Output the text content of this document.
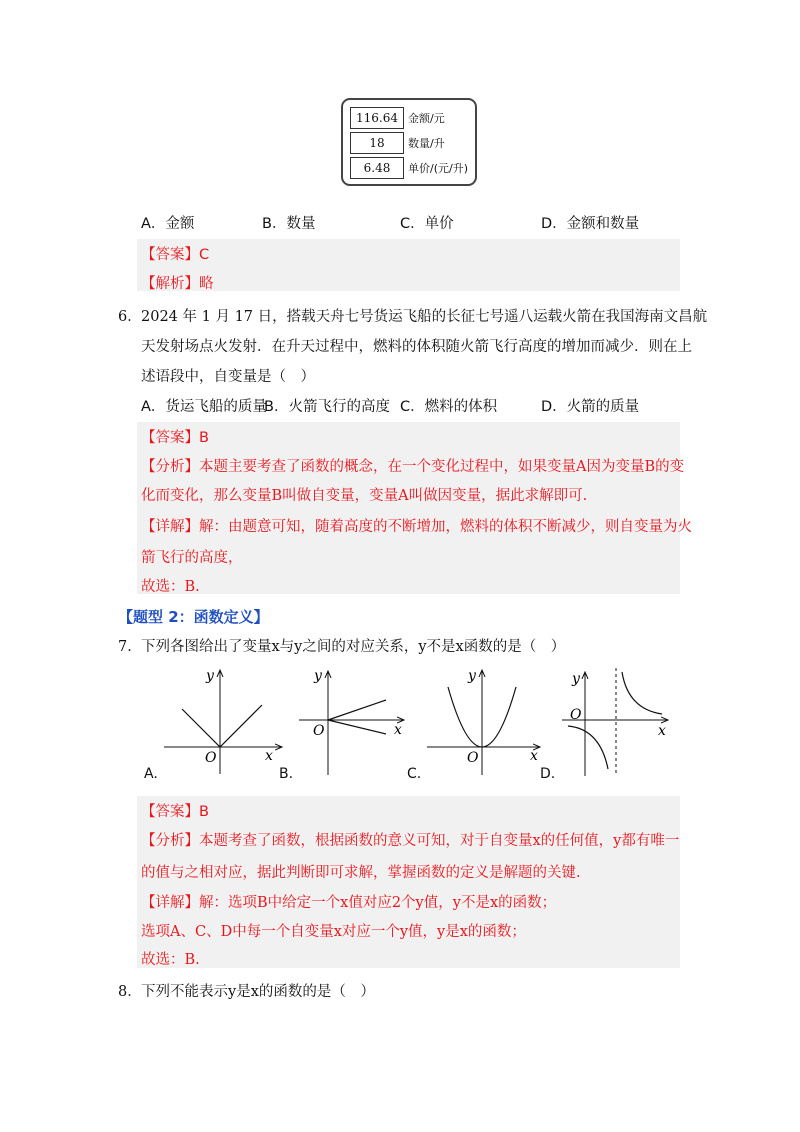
116.64 金额/元
18	数量/升
6.48	单价/(元/升)
A．金额	B．数量	C．单价	D．金额和数量
【答案】C
【解析】略
6． 2024 年 1 月 17 日，搭载天舟七号货运飞船的长征七号遥八运载火箭在我国海南文昌航
天发射场点火发射．在升天过程中，燃料的体积随火箭飞行高度的增加而减少．则在上
述语段中，自变量是（　）
A．货运飞船的质量
B．火箭飞行的高度 C．燃料的体积	D．火箭的质量
【答案】B
【分析】本题主要考查了函数的概念，在一个变化过程中，如果变量A因为变量B的变
化而变化，那么变量B叫做自变量，变量A叫做因变量，据此求解即可.
【详解】解：由题意可知，随着高度的不断增加，燃料的体积不断减少，则自变量为火
箭飞行的高度，
故选：B.
【题型 2：函数定义】
7． 下列各图给出了变量x与y之间的对应关系，y不是x函数的是（　）
x
y
O
A.
x
y
O
B.
x
y
O
C.
x
y
O
D.
【答案】B
【分析】本题考查了函数，根据函数的意义可知，对于自变量x的任何值，y都有唯一
的值与之相对应，据此判断即可求解，掌握函数的定义是解题的关键.
【详解】解：选项B中给定一个x值对应2个y值，y不是x的函数；
选项A、C、D中每一个自变量x对应一个y值，y是x的函数；
故选：B.
8． 下列不能表示y是x的函数的是（　）
